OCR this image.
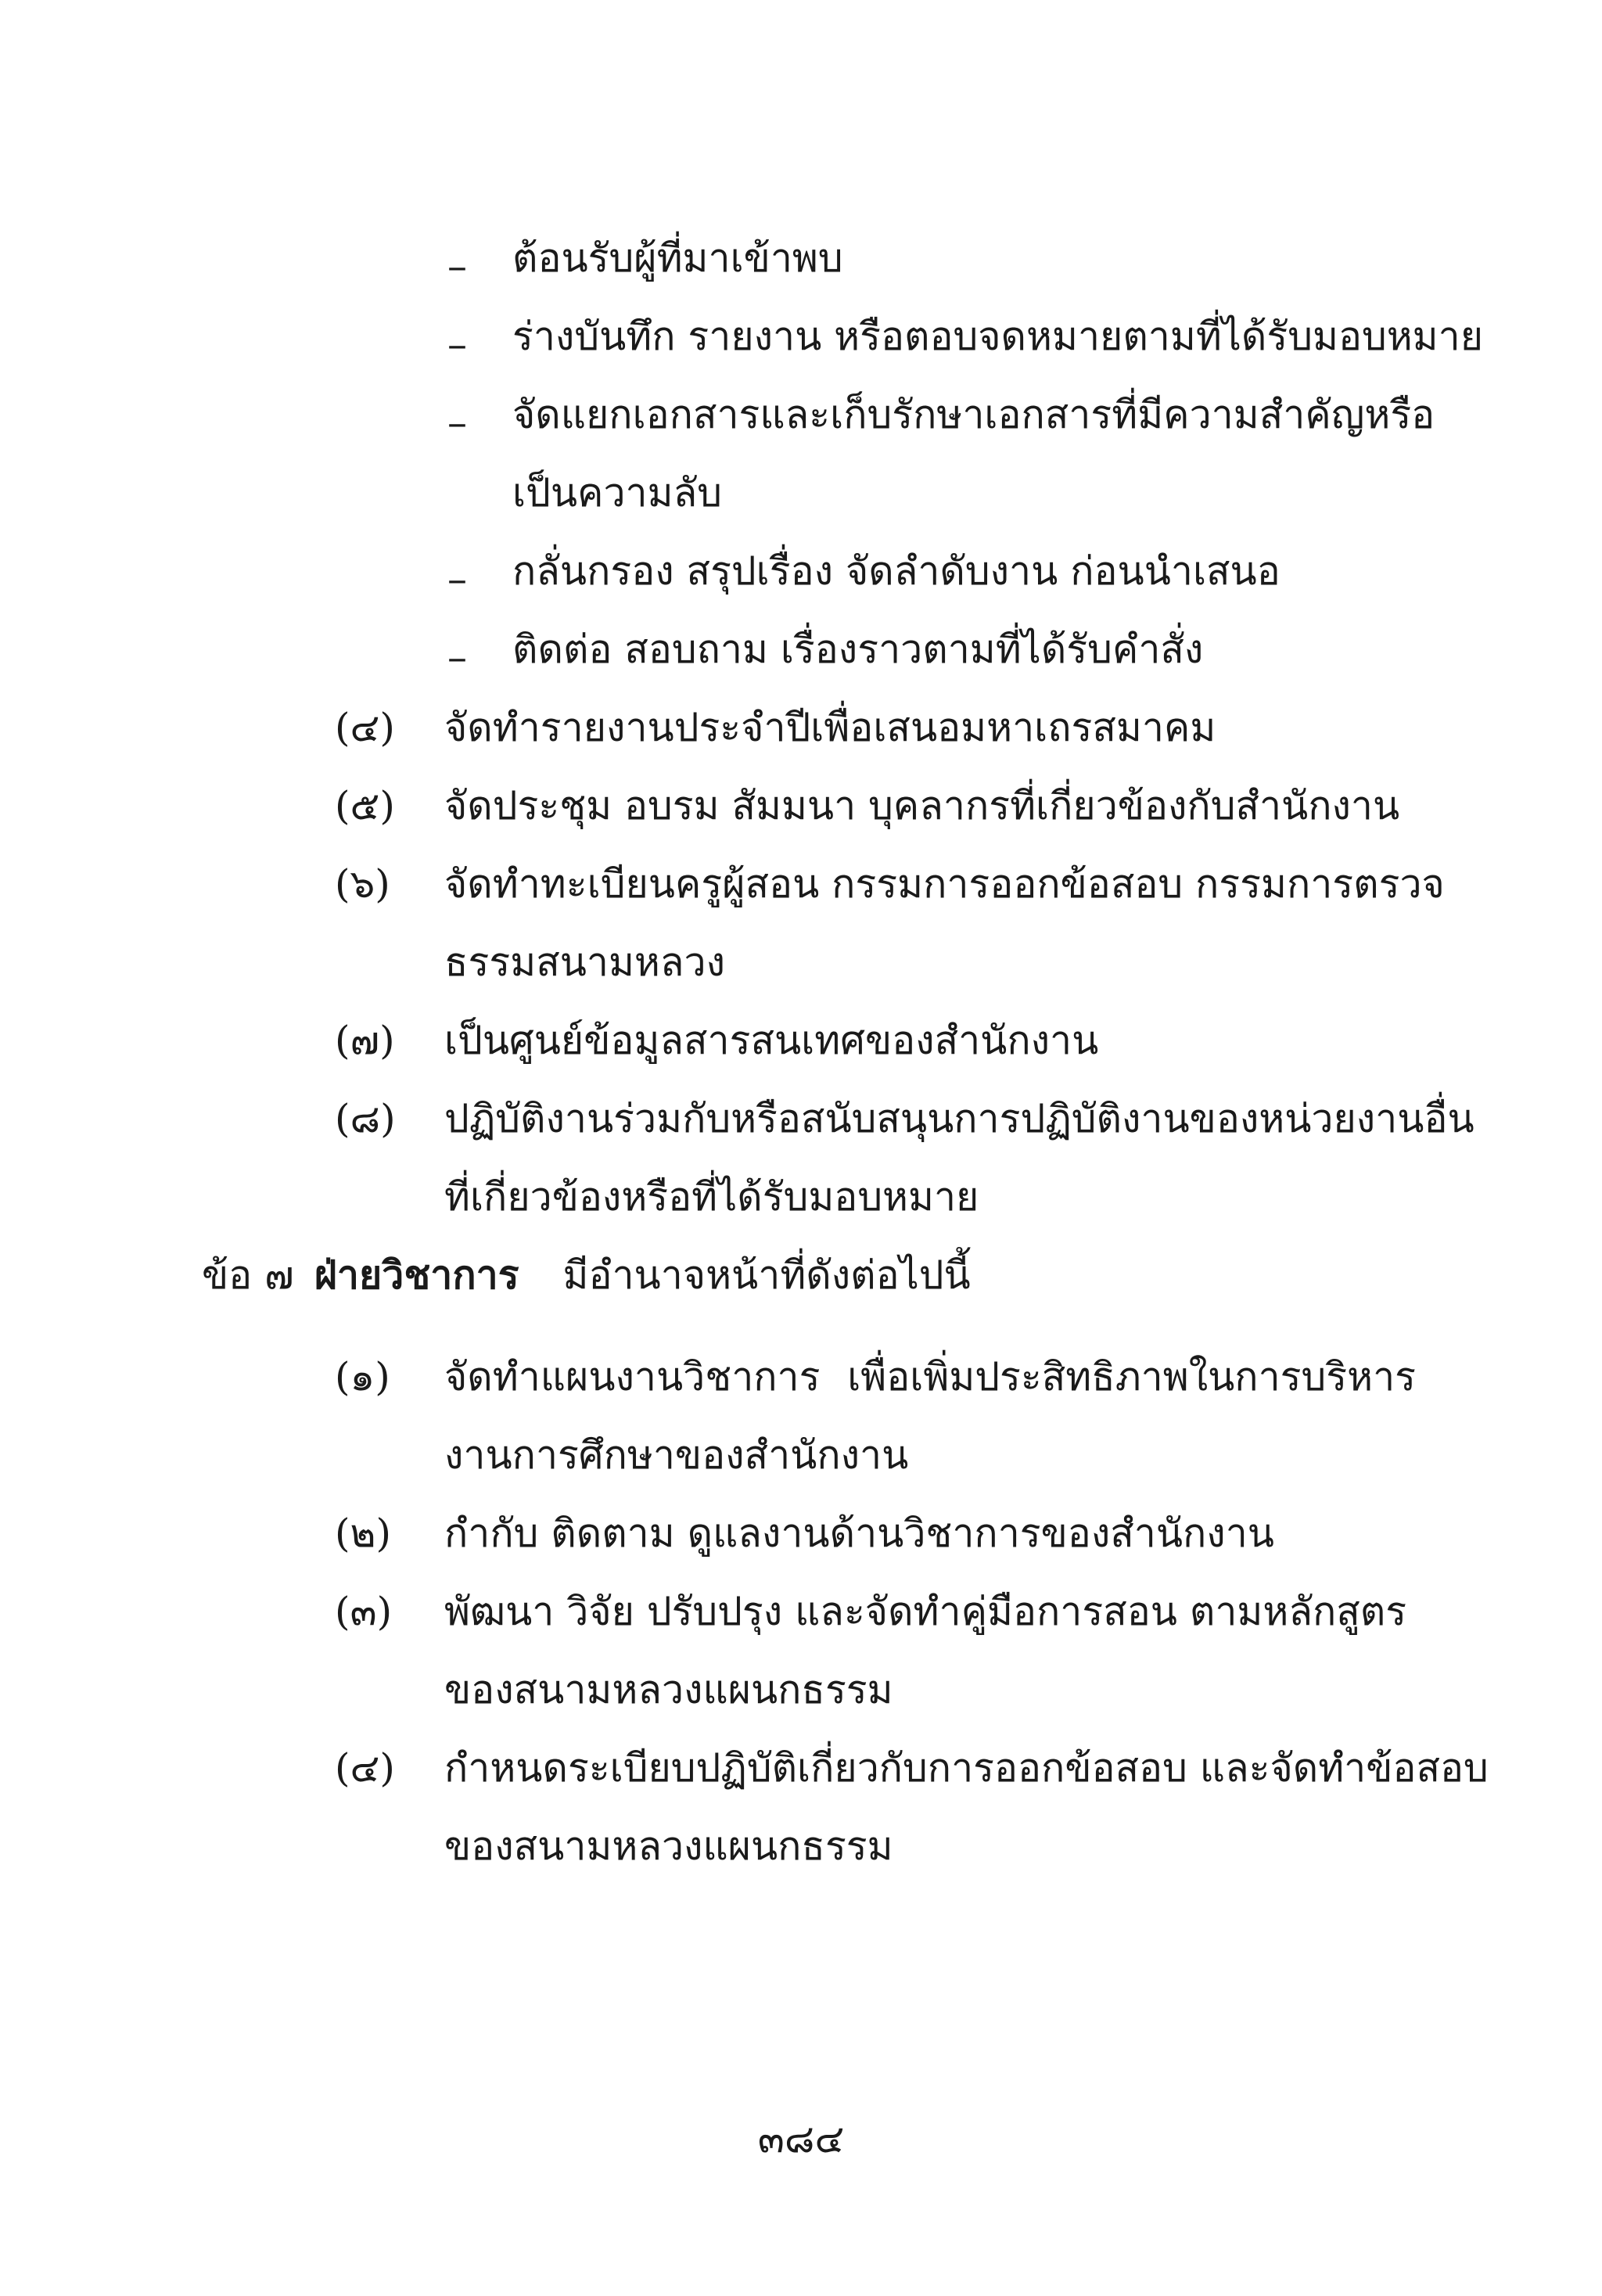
– ต้อนรับผู้ที่มาเข้าพบ
– ร่างบันทึก รายงาน หรือตอบจดหมายตามที่ได้รับมอบหมาย
– จัดแยกเอกสารและเก็บรักษาเอกสารที่มีความสำคัญ หรือ
เป็นความลับ
– กลั่นกรอง สรุปเรื่อง จัดลำดับงาน ก่อนนำเสนอ
– ติดต่อ สอบถาม เรื่องราวตามที่ได้รับคำสั่ง
(๔) จัดทำรายงานประจำปีเพื่อเสนอมหาเถรสมาคม
(๕) จัดประชุม อบรม สัมมนา บุคลากรที่เกี่ยวข้องกับสำนักงาน
(๖) จัดทำทะเบียนครูผู้สอน กรรมการออกข้อสอบ กรรมการตรวจ
ธรรมสนามหลวง
(๗) เป็นศูนย์ข้อมูลสารสนเทศของสำนักงาน
(๘) ปฏิบัติงานร่วมกับหรือสนับสนุนการปฏิบัติงานของหน่วยงานอื่น
ที่เกี่ยวข้องหรือที่ได้รับมอบหมาย
ข้อ ๗ ฝ่ายวิชาการ มีอำนาจหน้าที่ดังต่อไปนี้
(๑) จัดทำแผนงานวิชาการ เพื่อเพิ่มประสิทธิภาพในการบริหาร
งานการศึกษาของสำนักงาน
(๒) กำกับ ติดตาม ดูแลงานด้านวิชาการของสำนักงาน
(๓) พัฒนา วิจัย ปรับปรุง และจัดทำคู่มือการสอน ตามหลักสูตร
ของสนามหลวงแผนกธรรม
(๔) กำหนดระเบียบปฏิบัติเกี่ยวกับการออกข้อสอบ และจัดทำข้อสอบ
ของสนามหลวงแผนกธรรม
๓๘๔
